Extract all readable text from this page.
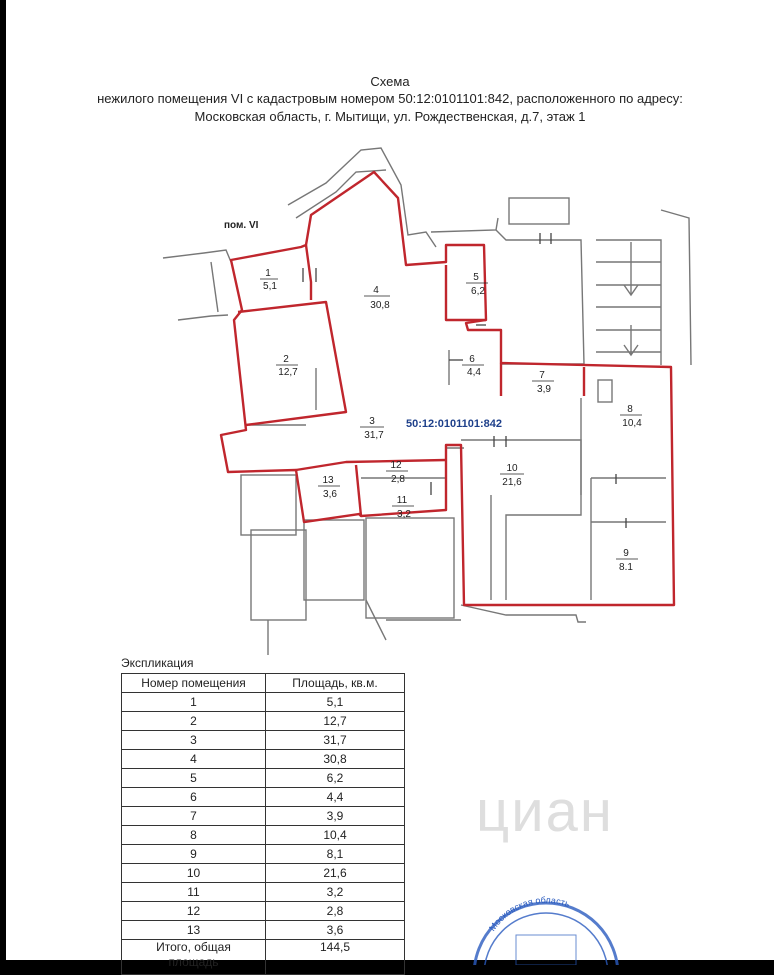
Схема
нежилого помещения VI с кадастровым номером 50:12:0101101:842, расположенного по адресу:
Московская область, г. Мытищи, ул. Рождественская, д.7, этаж 1
1
5,1
2
12,7
3
31,7
4
30,8
5
6,2
6
4,4	7
3,9
8
10,4
9
8.1
10
21,6
11
3,2
12
2,8
13
3,6
пом. VI
50:12:0101101:842
Экспликация
Номер помещения	Площадь, кв.м.
1	5,1
2	12,7
3	31,7
4	30,8
5	6,2
6	4,4
7	3,9
8	10,4
9	8,1
10	21,6
11	3,2
12	2,8
13	3,6
Итого, общая
площадь	144,5
циан
Московская область
